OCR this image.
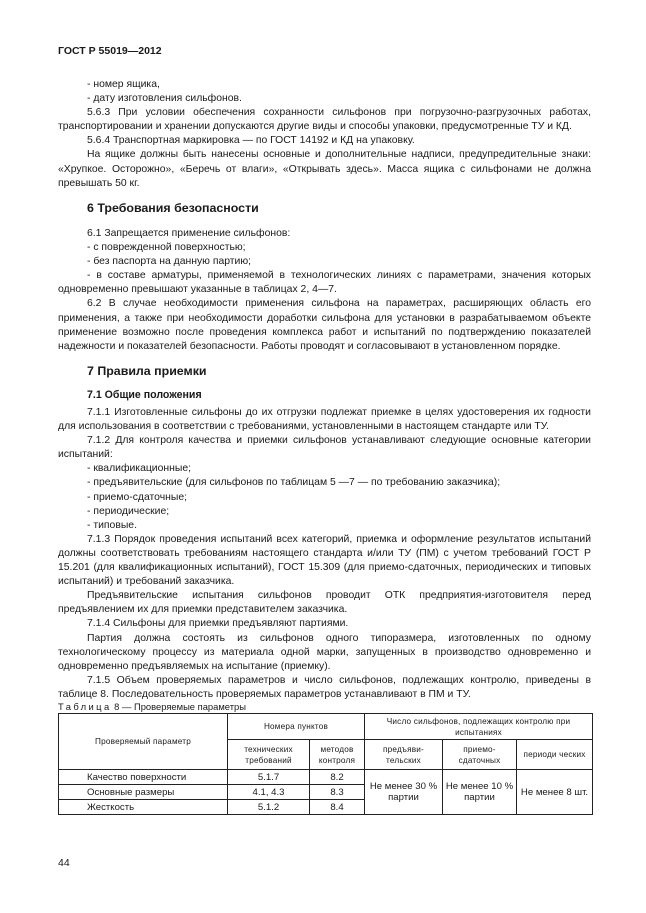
ГОСТ Р 55019—2012

- номер ящика,

- дату изготовления сильфонов.

5.6.3 При условии обеспечения сохранности сильфонов при погрузочно-разгрузочных работах, транспортировании и хранении допускаются другие виды и способы упаковки, предусмотренные ТУ и КД.

5.6.4 Транспортная маркировка — по ГОСТ 14192 и КД на упаковку.

На ящике должны быть нанесены основные и дополнительные надписи, предупредительные знаки: «Хрупкое. Осторожно», «Беречь от влаги», «Открывать здесь». Масса ящика с сильфонами не должна превышать 50 кг.

6 Требования безопасности

6.1 Запрещается применение сильфонов:

- с поврежденной поверхностью;

- без паспорта на данную партию;

- в составе арматуры, применяемой в технологических линиях с параметрами, значения которых одновременно превышают указанные в таблицах 2, 4—7.

6.2 В случае необходимости применения сильфона на параметрах, расширяющих область его применения, а также при необходимости доработки сильфона для установки в разрабатываемом объекте применение возможно после проведения комплекса работ и испытаний по подтверждению показателей надежности и показателей безопасности. Работы проводят и согласовывают в установленном порядке.

7 Правила приемки
7.1 Общие положения

7.1.1 Изготовленные сильфоны до их отгрузки подлежат приемке в целях удостоверения их годности для использования в соответствии с требованиями, установленными в настоящем стандарте или ТУ.

7.1.2 Для контроля качества и приемки сильфонов устанавливают следующие основные категории испытаний:

- квалификационные;

- предъявительские (для сильфонов по таблицам 5 —7 — по требованию заказчика);

- приемо-сдаточные;

- периодические;

- типовые.

7.1.3 Порядок проведения испытаний всех категорий, приемка и оформление результатов испытаний должны соответствовать требованиям настоящего стандарта и/или ТУ (ПМ) с учетом требований ГОСТ Р 15.201 (для квалификационных испытаний), ГОСТ 15.309 (для приемо-сдаточных, периодических и типовых испытаний) и требований заказчика.

Предъявительские испытания сильфонов проводит ОТК предприятия-изготовителя перед предъявлением их для приемки представителем заказчика.

7.1.4 Сильфоны для приемки предъявляют партиями.

Партия должна состоять из сильфонов одного типоразмера, изготовленных по одному технологическому процессу из материала одной марки, запущенных в производство одновременно и одновременно предъявляемых на испытание (приемку).

7.1.5 Объем проверяемых параметров и число сильфонов, подлежащих контролю, приведены в таблице 8. Последовательность проверяемых параметров устанавливают в ПМ и ТУ.

Таблица 8 — Проверяемые параметры
Проверяемый параметр	Номера пунктов		Число сильфонов, подлежащих контролю при испытаниях		
	технических требований	методов контроля	предъяви-тельских	приемо-сдаточных	периоди ческих
Качество поверхности	5.1.7	8.2	Не менее 30 % партии	Не менее 10 % партии	Не менее 8 шт.
Основные размеры	4.1, 4.3	8.3			
Жесткость	5.1.2	8.4			
44
